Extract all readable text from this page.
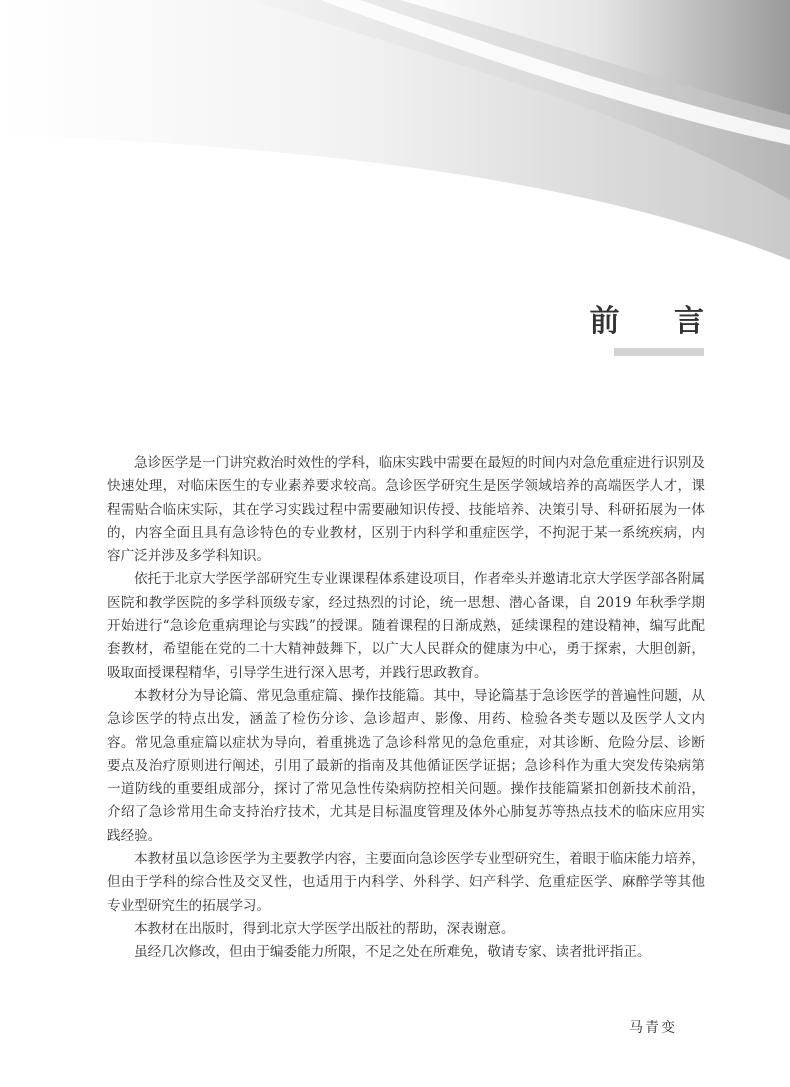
前 言

急诊医学是一门讲究救治时效性的学科，临床实践中需要在最短的时间内对急危重症进行识别及快速处理，对临床医生的专业素养要求较高。急诊医学研究生是医学领域培养的高端医学人才，课程需贴合临床实际，其在学习实践过程中需要融知识传授、技能培养、决策引导、科研拓展为一体的，内容全面且具有急诊特色的专业教材，区别于内科学和重症医学，不拘泥于某一系统疾病，内容广泛并涉及多学科知识。

依托于北京大学医学部研究生专业课课程体系建设项目，作者牵头并邀请北京大学医学部各附属医院和教学医院的多学科顶级专家，经过热烈的讨论，统一思想、潜心备课，自 2019 年秋季学期开始进行“急诊危重病理论与实践”的授课。随着课程的日渐成熟，延续课程的建设精神，编写此配套教材，希望能在党的二十大精神鼓舞下，以广大人民群众的健康为中心，勇于探索，大胆创新，吸取面授课程精华，引导学生进行深入思考，并践行思政教育。

本教材分为导论篇、常见急重症篇、操作技能篇。其中，导论篇基于急诊医学的普遍性问题，从急诊医学的特点出发，涵盖了检伤分诊、急诊超声、影像、用药、检验各类专题以及医学人文内容。常见急重症篇以症状为导向，着重挑选了急诊科常见的急危重症，对其诊断、危险分层、诊断要点及治疗原则进行阐述，引用了最新的指南及其他循证医学证据；急诊科作为重大突发传染病第一道防线的重要组成部分，探讨了常见急性传染病防控相关问题。操作技能篇紧扣创新技术前沿，介绍了急诊常用生命支持治疗技术，尤其是目标温度管理及体外心肺复苏等热点技术的临床应用实践经验。

本教材虽以急诊医学为主要教学内容，主要面向急诊医学专业型研究生，着眼于临床能力培养，但由于学科的综合性及交叉性，也适用于内科学、外科学、妇产科学、危重症医学、麻醉学等其他专业型研究生的拓展学习。

本教材在出版时，得到北京大学医学出版社的帮助，深表谢意。

虽经几次修改，但由于编委能力所限，不足之处在所难免，敬请专家、读者批评指正。

马青变
